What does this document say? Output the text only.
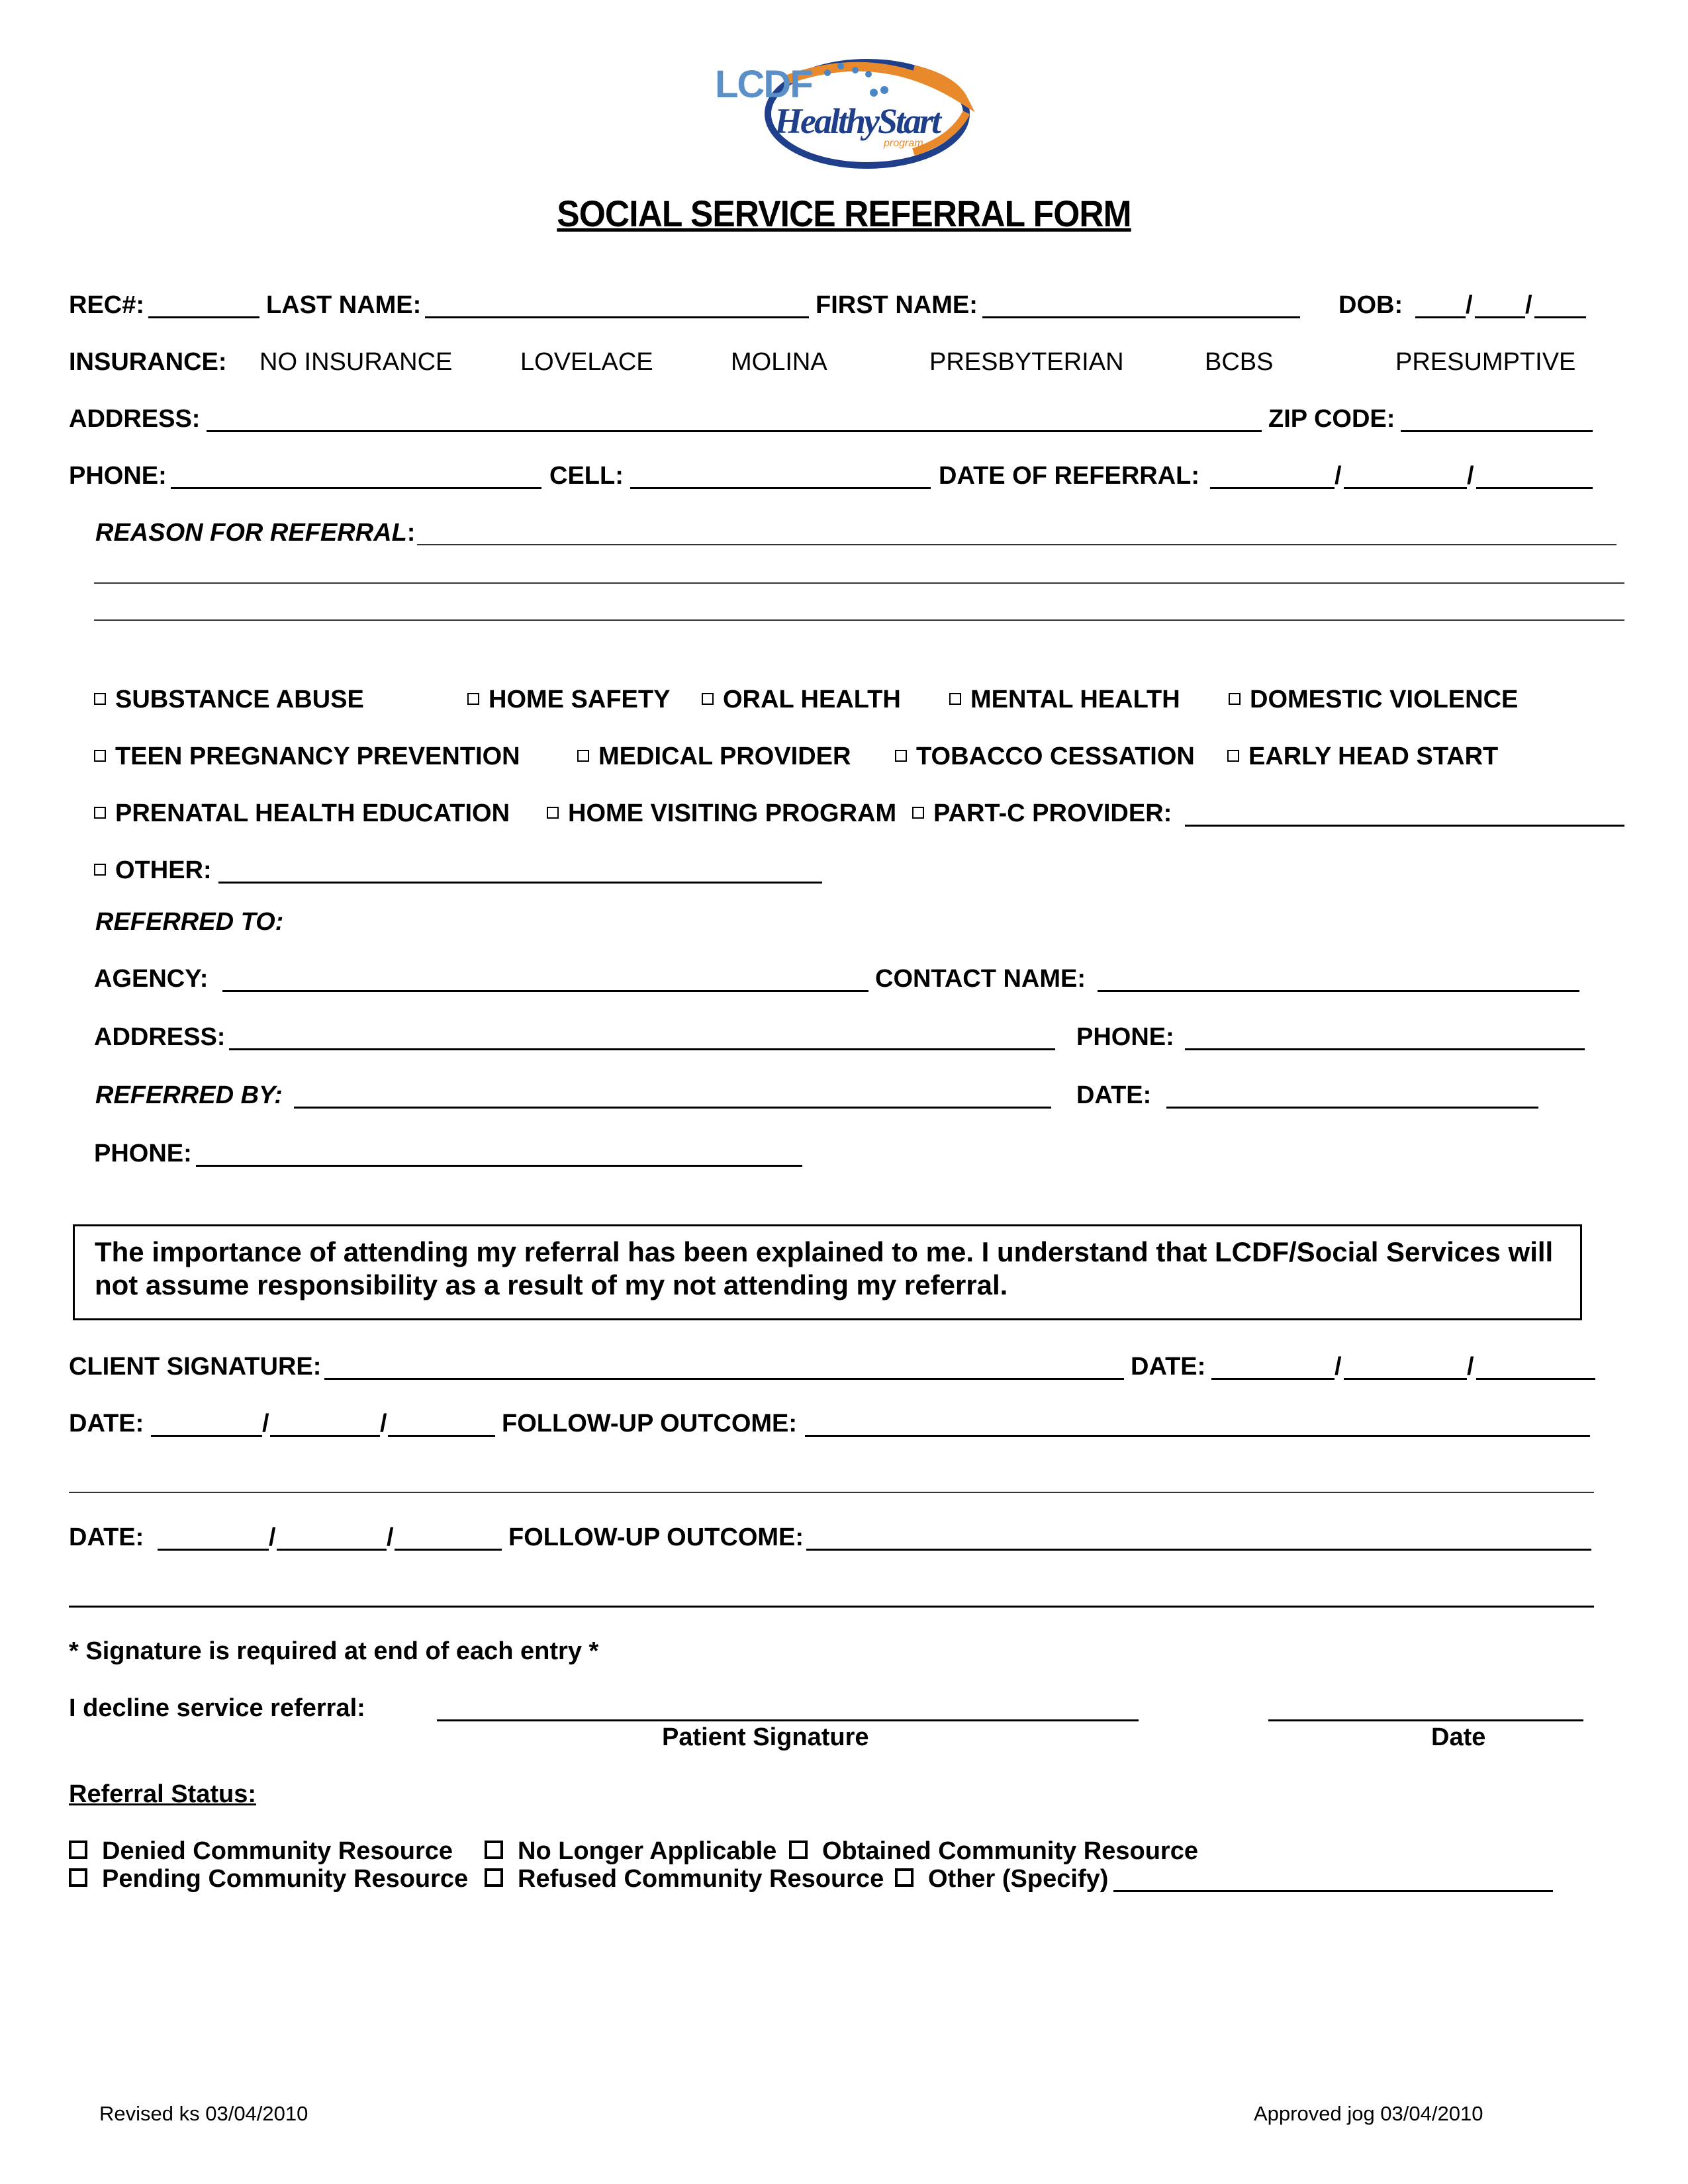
LCDF
HealthyStart
program
SOCIAL SERVICE REFERRAL FORM
REC#:	LAST NAME:	FIRST NAME:	DOB: / /
INSURANCE: NO INSURANCE	LOVELACE	MOLINA	PRESBYTERIAN	BCBS	PRESUMPTIVE
ADDRESS:	ZIP CODE:
PHONE:	CELL:	DATE OF REFERRAL:	/	/
REASON FOR REFERRAL:
SUBSTANCE ABUSE	HOME SAFETY	ORAL HEALTH	MENTAL HEALTH	DOMESTIC VIOLENCE
TEEN PREGNANCY PREVENTION	MEDICAL PROVIDER	TOBACCO CESSATION	EARLY HEAD START
PRENATAL HEALTH EDUCATION	HOME VISITING PROGRAM	PART-C PROVIDER:
OTHER:
REFERRED TO:
AGENCY:	CONTACT NAME:
ADDRESS:	PHONE:
REFERRED BY:	DATE:
PHONE:
The importance of attending my referral has been explained to me. I understand that LCDF/Social Services will not assume responsibility as a result of my not attending my referral.
CLIENT SIGNATURE:	DATE:	/	/
DATE:	/	/	FOLLOW-UP OUTCOME:
DATE:	/	/	FOLLOW-UP OUTCOME:
* Signature is required at end of each entry *
I decline service referral:
Patient Signature	Date
Referral Status:
Denied Community Resource	No Longer Applicable	Obtained Community Resource
Pending Community Resource	Refused Community Resource	Other (Specify)
Revised ks 03/04/2010	Approved jog 03/04/2010
